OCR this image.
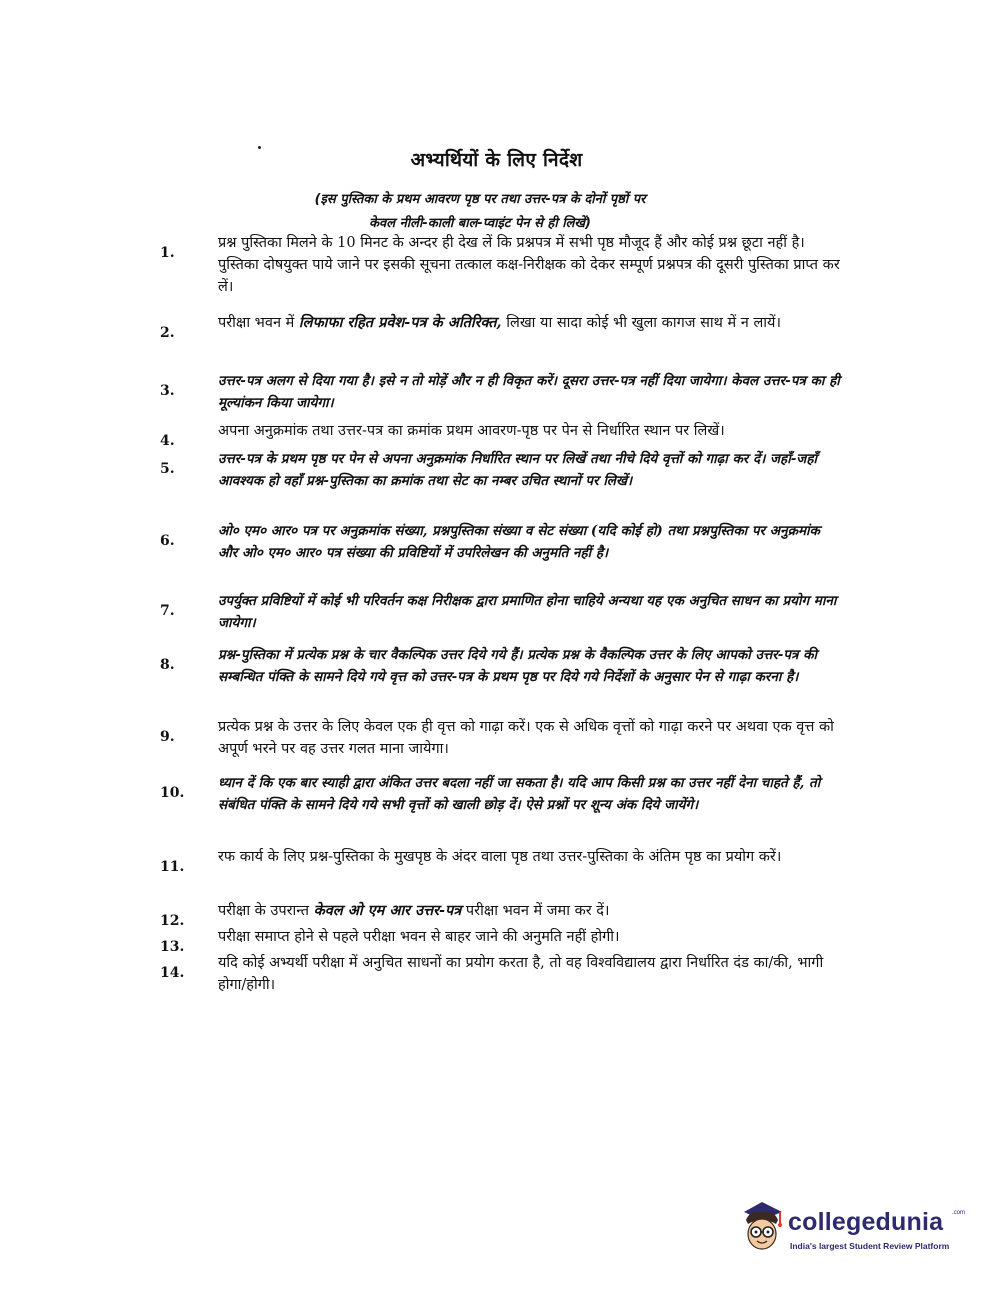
अभ्यर्थियों के लिए निर्देश
(इस पुस्तिका के प्रथम आवरण पृष्ठ पर तथा उत्तर-पत्र के दोनों पृष्ठों पर
केवल नीली-काली बाल-प्वाइंट पेन से ही लिखें)
1.
प्रश्न पुस्तिका मिलने के 10 मिनट के अन्दर ही देख लें कि प्रश्नपत्र में सभी पृष्ठ मौजूद हैं और कोई प्रश्न छूटा नहीं है। पुस्तिका दोषयुक्त पाये जाने पर इसकी सूचना तत्काल कक्ष-निरीक्षक को देकर सम्पूर्ण प्रश्नपत्र की दूसरी पुस्तिका प्राप्त कर लें।
2.
परीक्षा भवन में लिफाफा रहित प्रवेश-पत्र के अतिरिक्त, लिखा या सादा कोई भी खुला कागज साथ में न लायें।
3.
उत्तर-पत्र अलग से दिया गया है। इसे न तो मोड़ें और न ही विकृत करें। दूसरा उत्तर-पत्र नहीं दिया जायेगा। केवल उत्तर-पत्र का ही मूल्यांकन किया जायेगा।
4.
अपना अनुक्रमांक तथा उत्तर-पत्र का क्रमांक प्रथम आवरण-पृष्ठ पर पेन से निर्धारित स्थान पर लिखें।
5.
उत्तर-पत्र के प्रथम पृष्ठ पर पेन से अपना अनुक्रमांक निर्धारित स्थान पर लिखें तथा नीचे दिये वृत्तों को गाढ़ा कर दें। जहाँ-जहाँ आवश्यक हो वहाँ प्रश्न-पुस्तिका का क्रमांक तथा सेट का नम्बर उचित स्थानों पर लिखें।
6.
ओ० एम० आर० पत्र पर अनुक्रमांक संख्या, प्रश्नपुस्तिका संख्या व सेट संख्या (यदि कोई हो) तथा प्रश्नपुस्तिका पर अनुक्रमांक और ओ० एम० आर० पत्र संख्या की प्रविष्टियों में उपरिलेखन की अनुमति नहीं है।
7.
उपर्युक्त प्रविष्टियों में कोई भी परिवर्तन कक्ष निरीक्षक द्वारा प्रमाणित होना चाहिये अन्यथा यह एक अनुचित साधन का प्रयोग माना जायेगा।
8.
प्रश्न-पुस्तिका में प्रत्येक प्रश्न के चार वैकल्पिक उत्तर दिये गये हैं। प्रत्येक प्रश्न के वैकल्पिक उत्तर के लिए आपको उत्तर-पत्र की सम्बन्धित पंक्ति के सामने दिये गये वृत्त को उत्तर-पत्र के प्रथम पृष्ठ पर दिये गये निर्देशों के अनुसार पेन से गाढ़ा करना है।
9.
प्रत्येक प्रश्न के उत्तर के लिए केवल एक ही वृत्त को गाढ़ा करें। एक से अधिक वृत्तों को गाढ़ा करने पर अथवा एक वृत्त को अपूर्ण भरने पर वह उत्तर गलत माना जायेगा।
10.
ध्यान दें कि एक बार स्याही द्वारा अंकित उत्तर बदला नहीं जा सकता है। यदि आप किसी प्रश्न का उत्तर नहीं देना चाहते हैं, तो संबंधित पंक्ति के सामने दिये गये सभी वृत्तों को खाली छोड़ दें। ऐसे प्रश्नों पर शून्य अंक दिये जायेंगे।
11.
रफ कार्य के लिए प्रश्न-पुस्तिका के मुखपृष्ठ के अंदर वाला पृष्ठ तथा उत्तर-पुस्तिका के अंतिम पृष्ठ का प्रयोग करें।
12.
परीक्षा के उपरान्त केवल ओ एम आर उत्तर-पत्र परीक्षा भवन में जमा कर दें।
13.
परीक्षा समाप्त होने से पहले परीक्षा भवन से बाहर जाने की अनुमति नहीं होगी।
14.
यदि कोई अभ्यर्थी परीक्षा में अनुचित साधनों का प्रयोग करता है, तो वह विश्वविद्यालय द्वारा निर्धारित दंड का/की, भागी होगा/होगी।
collegedunia .com
India's largest Student Review Platform
